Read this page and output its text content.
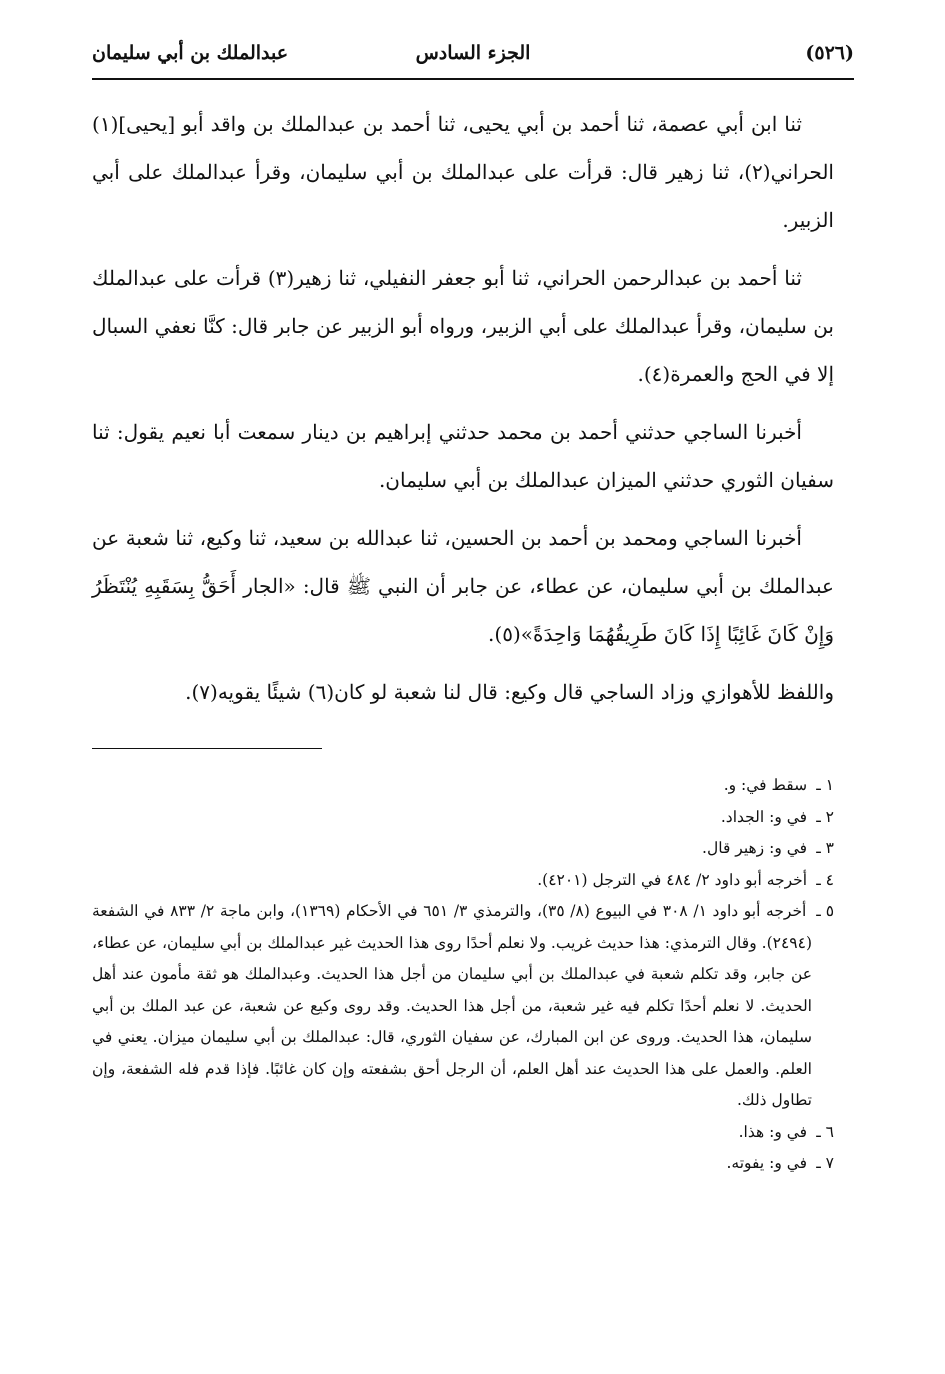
(٥٢٦)
الجزء السادس
عبدالملك بن أبي سليمان

ثنا ابن أبي عصمة، ثنا أحمد بن أبي يحيى، ثنا أحمد بن عبدالملك بن واقد أبو [يحيى](١) الحراني(٢)، ثنا زهير قال: قرأت على عبدالملك بن أبي سليمان، وقرأ عبدالملك على أبي الزبير.

ثنا أحمد بن عبدالرحمن الحراني، ثنا أبو جعفر النفيلي، ثنا زهير(٣) قرأت على عبدالملك بن سليمان، وقرأ عبدالملك على أبي الزبير، ورواه أبو الزبير عن جابر قال: كنَّا نعفي السبال إلا في الحج والعمرة(٤).

أخبرنا الساجي حدثني أحمد بن محمد حدثني إبراهيم بن دينار سمعت أبا نعيم يقول: ثنا سفيان الثوري حدثني الميزان عبدالملك بن أبي سليمان.

أخبرنا الساجي ومحمد بن أحمد بن الحسين، ثنا عبدالله بن سعيد، ثنا وكيع، ثنا شعبة عن عبدالملك بن أبي سليمان، عن عطاء، عن جابر أن النبي ﷺ قال: «الجار أَحَقُّ بِسَقَبِهِ يُنْتَظَرُ وَإِنْ كَانَ غَائِبًا إِذَا كَانَ طَرِيقُهُمَا وَاحِدَةً»(٥).

واللفظ للأهوازي وزاد الساجي قال وكيع: قال لنا شعبة لو كان(٦) شيئًا يقويه(٧).

١ ـ سقط في: و.

٢ ـ في و: الجداد.

٣ ـ في و: زهير قال.

٤ ـ أخرجه أبو داود ٢/ ٤٨٤ في الترجل (٤٢٠١).

٥ ـ أخرجه أبو داود ١/ ٣٠٨ في البيوع (٨/ ٣٥)، والترمذي ٣/ ٦٥١ في الأحكام (١٣٦٩)، وابن ماجة ٢/ ٨٣٣ في الشفعة (٢٤٩٤). وقال الترمذي: هذا حديث غريب. ولا نعلم أحدًا روى هذا الحديث غير عبدالملك بن أبي سليمان، عن عطاء، عن جابر، وقد تكلم شعبة في عبدالملك بن أبي سليمان من أجل هذا الحديث. وعبدالملك هو ثقة مأمون عند أهل الحديث. لا نعلم أحدًا تكلم فيه غير شعبة، من أجل هذا الحديث. وقد روى وكيع عن شعبة، عن عبد الملك بن أبي سليمان، هذا الحديث. وروى عن ابن المبارك، عن سفيان الثوري، قال: عبدالملك بن أبي سليمان ميزان. يعني في العلم. والعمل على هذا الحديث عند أهل العلم، أن الرجل أحق بشفعته وإن كان غائبًا. فإذا قدم فله الشفعة، وإن تطاول ذلك.

٦ ـ في و: هذا.

٧ ـ في و: يفوته.
